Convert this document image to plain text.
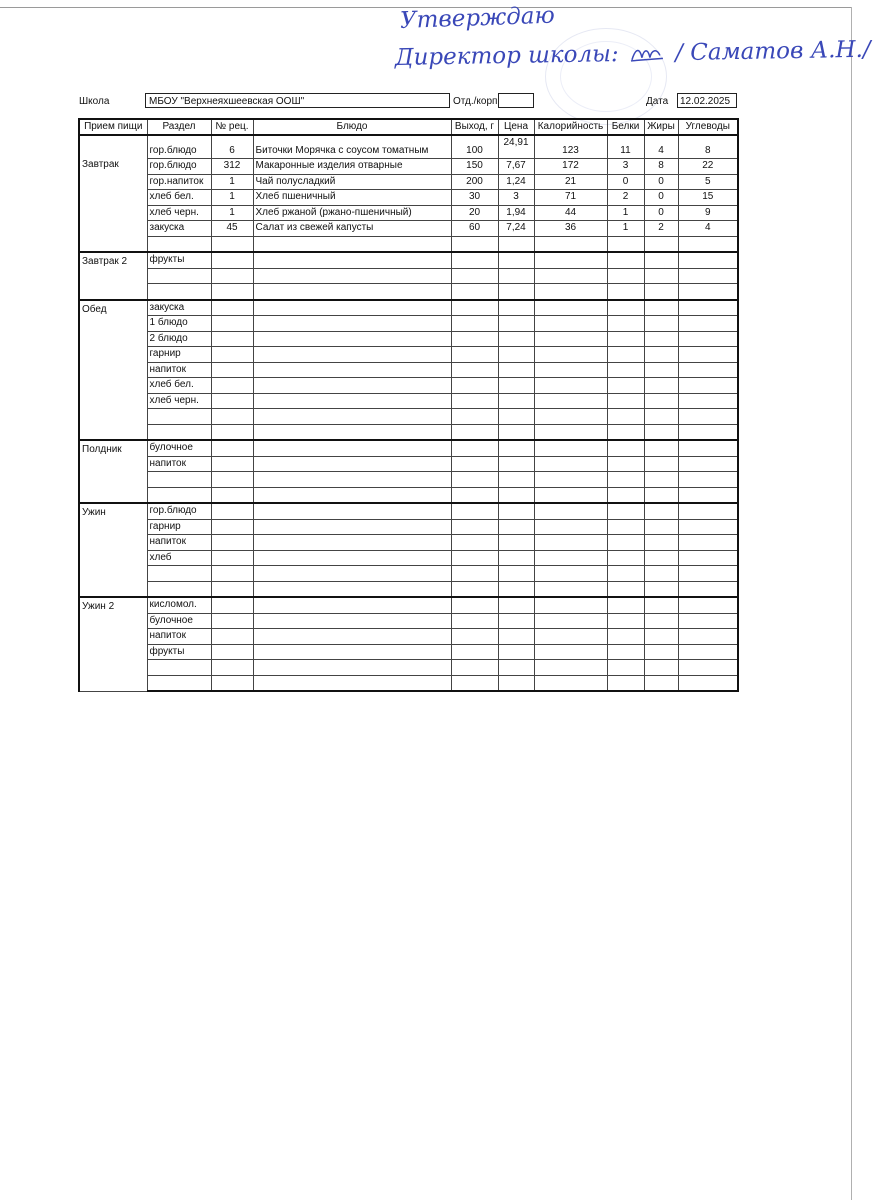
Утверждаю
Директор школы: / Саматов А.Н./
Школа	МБОУ "Верхнеяхшеевская ООШ"	Отд./корп	Дата	12.02.2025
Прием пищи	Раздел	№ рец.	Блюдо	Выход, г	Цена	Калорийность	Белки	Жиры	Углеводы
Завтрак	гор.блюдо	6	Биточки Морячка с соусом томатным	100	24,91	123	11	4	8
	гор.блюдо	312	Макаронные изделия отварные	150	7,67	172	3	8	22
	гор.напиток	1	Чай полусладкий	200	1,24	21	0	0	5
	хлеб бел.	1	Хлеб пшеничный	30	3	71	2	0	15
	хлеб черн.	1	Хлеб ржаной (ржано-пшеничный)	20	1,94	44	1	0	9
	закуска	45	Салат из свежей капусты	60	7,24	36	1	2	4

Завтрак 2	фрукты								

Обед	закуска								
	1 блюдо								
	2 блюдо								
	гарнир								
	напиток								
	хлеб бел.								
	хлеб черн.								

Полдник	булочное								
	напиток								

Ужин	гор.блюдо								
	гарнир								
	напиток								
	хлеб								

Ужин 2	кисломол.								
	булочное								
	напиток								
	фрукты								
